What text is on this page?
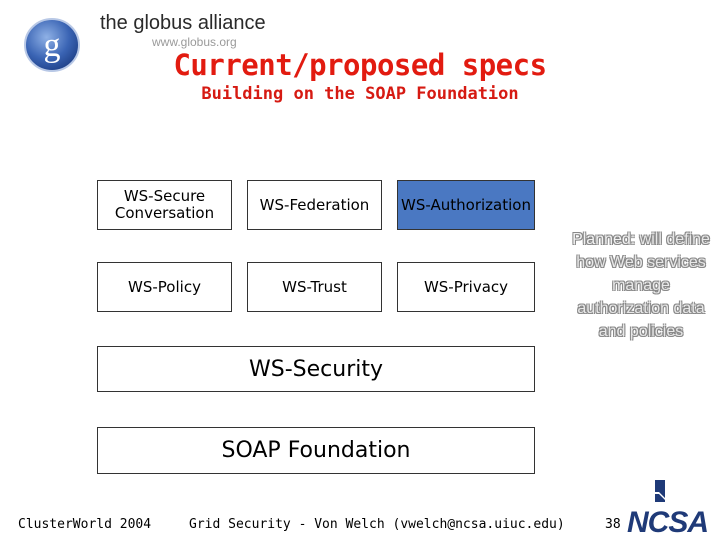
g
the globus alliance
www.globus.org
Current/proposed specs
Building on the SOAP Foundation
WS-Secure Conversation	WS-Federation WS-Authorization
WS-Policy	WS-Trust	WS-Privacy
WS-Security
SOAP Foundation
Planned: will define how Web services manage authorization data and policies
ClusterWorld 2004	Grid Security - Von Welch (vwelch@ncsa.uiuc.edu)	38 NCSA
